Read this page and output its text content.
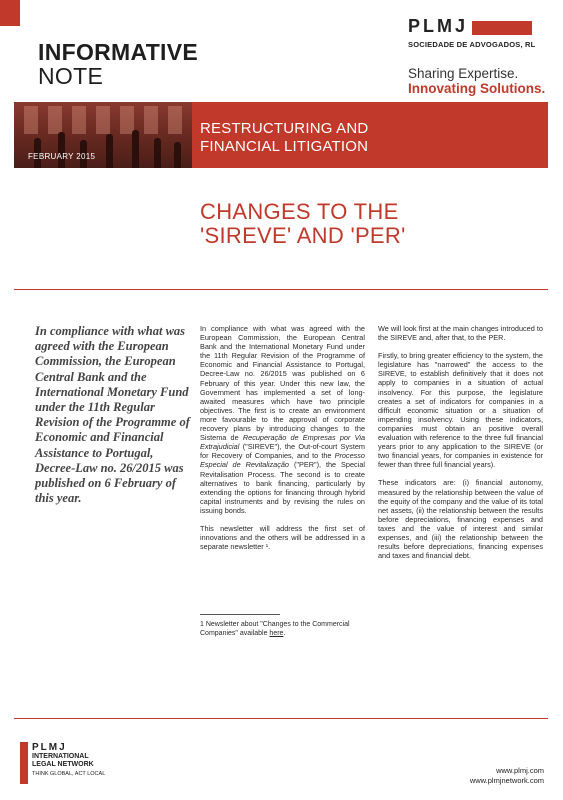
INFORMATIVE
NOTE
PLMJ
SOCIEDADE DE ADVOGADOS, RL
Sharing Expertise.
Innovating Solutions.
FEBRUARY 2015
RESTRUCTURING AND
FINANCIAL LITIGATION
CHANGES TO THE
'SIREVE' AND 'PER'
In compliance with what was agreed with the European Commission, the European Central Bank and the International Monetary Fund under the 11th Regular Revision of the Programme of Economic and Financial Assistance to Portugal, Decree-Law no. 26/2015 was published on 6 February of this year.

In compliance with what was agreed with the European Commission, the European Central Bank and the International Monetary Fund under the 11th Regular Revision of the Programme of Economic and Financial Assistance to Portugal, Decree-Law no. 26/2015 was published on 6 February of this year. Under this new law, the Government has implemented a set of long-awaited measures which have two principle objectives. The first is to create an environment more favourable to the approval of corporate recovery plans by introducing changes to the Sistema de Recuperação de Empresas por Via Extrajudicial ("SIREVE"), the Out-of-court System for Recovery of Companies, and to the Processo Especial de Revitalização ("PER"), the Special Revitalisation Process. The second is to create alternatives to bank financing, particularly by extending the options for financing through hybrid capital instruments and by revising the rules on issuing bonds.

This newsletter will address the first set of innovations and the others will be addressed in a separate newsletter ¹.

We will look first at the main changes introduced to the SIREVE and, after that, to the PER.

Firstly, to bring greater efficiency to the system, the legislature has "narrowed" the access to the SIREVE, to establish definitively that it does not apply to companies in a situation of actual insolvency. For this purpose, the legislature creates a set of indicators for companies in a difficult economic situation or a situation of impending insolvency. Using these indicators, companies must obtain an positive overall evaluation with reference to the three full financial years prior to any application to the SIREVE (or two financial years, for companies in existence for fewer than three full financial years).

These indicators are: (i) financial autonomy, measured by the relationship between the value of the equity of the company and the value of its total net assets, (ii) the relationship between the results before depreciations, financing expenses and taxes and the value of interest and similar expenses, and (iii) the relationship between the results before depreciations, financing expenses and taxes and financial debt.

1 Newsletter about "Changes to the Commercial Companies" available here.
PLMJ
INTERNATIONAL
LEGAL NETWORK
THINK GLOBAL, ACT LOCAL	www.plmj.com
www.plmjnetwork.com
